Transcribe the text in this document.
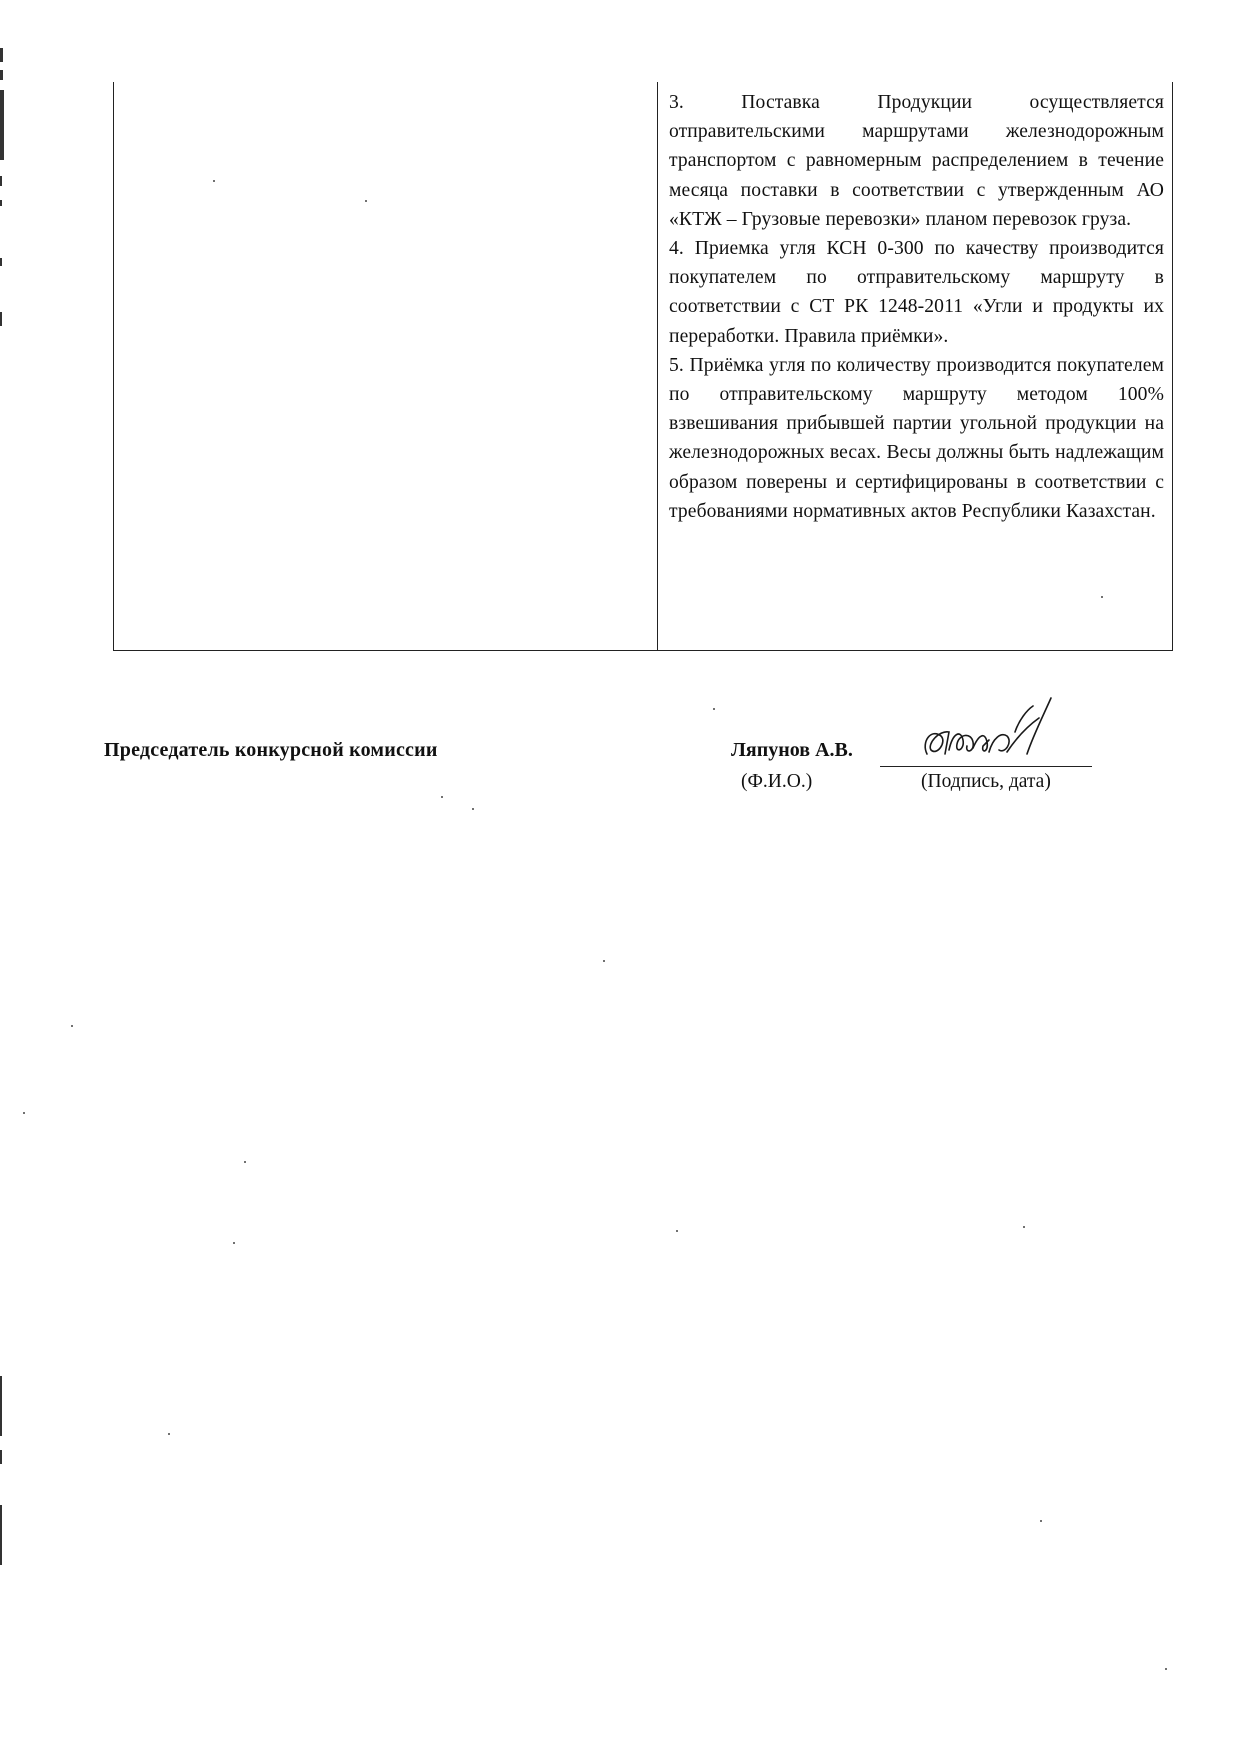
3. Поставка Продукции осуществляется отправительскими маршрутами железнодорожным транспортом с равномерным распределением в течение месяца поставки в соответствии с утвержденным АО «КТЖ – Грузовые перевозки» планом перевозок груза.

4. Приемка угля КСН 0-300 по качеству производится покупателем по отправительскому маршруту в соответствии с СТ РК 1248-2011 «Угли и продукты их переработки. Правила приёмки».

5. Приёмка угля по количеству производится покупателем по отправительскому маршруту методом 100% взвешивания прибывшей партии угольной продукции на железнодорожных весах. Весы должны быть надлежащим образом поверены и сертифицированы в соответствии с требованиями нормативных актов Республики Казахстан.

Председатель конкурсной комиссии	Ляпунов А.В.
(Ф.И.О.)	(Подпись, дата)
